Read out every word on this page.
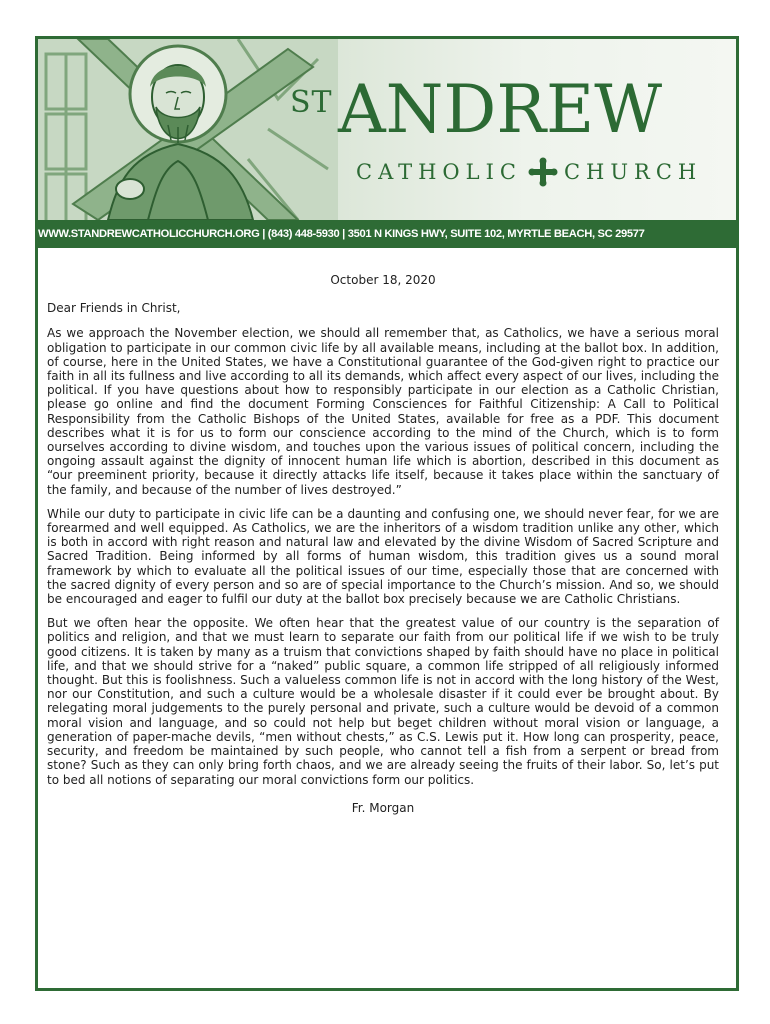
ST ANDREW
CATHOLIC CHURCH
WWW.STANDREWCATHOLICCHURCH.ORG | (843) 448-5930 | 3501 N KINGS HWY, SUITE 102, MYRTLE BEACH, SC 29577

October 18, 2020

Dear Friends in Christ,

As we approach the November election, we should all remember that, as Catholics, we have a serious moral obligation to participate in our common civic life by all available means, including at the ballot box. In addition, of course, here in the United States, we have a Constitutional guarantee of the God-given right to practice our faith in all its fullness and live according to all its demands, which affect every aspect of our lives, including the political. If you have questions about how to responsibly participate in our election as a Catholic Christian, please go online and find the document Forming Consciences for Faithful Citizenship: A Call to Political Responsibility from the Catholic Bishops of the United States, available for free as a PDF. This document describes what it is for us to form our conscience according to the mind of the Church, which is to form ourselves according to divine wisdom, and touches upon the various issues of political concern, including the ongoing assault against the dignity of innocent human life which is abortion, described in this document as “our preeminent priority, because it directly attacks life itself, because it takes place within the sanctuary of the family, and because of the number of lives destroyed.”

While our duty to participate in civic life can be a daunting and confusing one, we should never fear, for we are forearmed and well equipped. As Catholics, we are the inheritors of a wisdom tradition unlike any other, which is both in accord with right reason and natural law and elevated by the divine Wisdom of Sacred Scripture and Sacred Tradition. Being informed by all forms of human wisdom, this tradition gives us a sound moral framework by which to evaluate all the political issues of our time, especially those that are concerned with the sacred dignity of every person and so are of special importance to the Church’s mission. And so, we should be encouraged and eager to fulfil our duty at the ballot box precisely because we are Catholic Christians.

But we often hear the opposite. We often hear that the greatest value of our country is the separation of politics and religion, and that we must learn to separate our faith from our political life if we wish to be truly good citizens. It is taken by many as a truism that convictions shaped by faith should have no place in political life, and that we should strive for a “naked” public square, a common life stripped of all religiously informed thought. But this is foolishness. Such a valueless common life is not in accord with the long history of the West, nor our Constitution, and such a culture would be a wholesale disaster if it could ever be brought about. By relegating moral judgements to the purely personal and private, such a culture would be devoid of a common moral vision and language, and so could not help but beget children without moral vision or language, a generation of paper-mache devils, “men without chests,” as C.S. Lewis put it. How long can prosperity, peace, security, and freedom be maintained by such people, who cannot tell a fish from a serpent or bread from stone? Such as they can only bring forth chaos, and we are already seeing the fruits of their labor. So, let’s put to bed all notions of separating our moral convictions form our politics.

Fr. Morgan
